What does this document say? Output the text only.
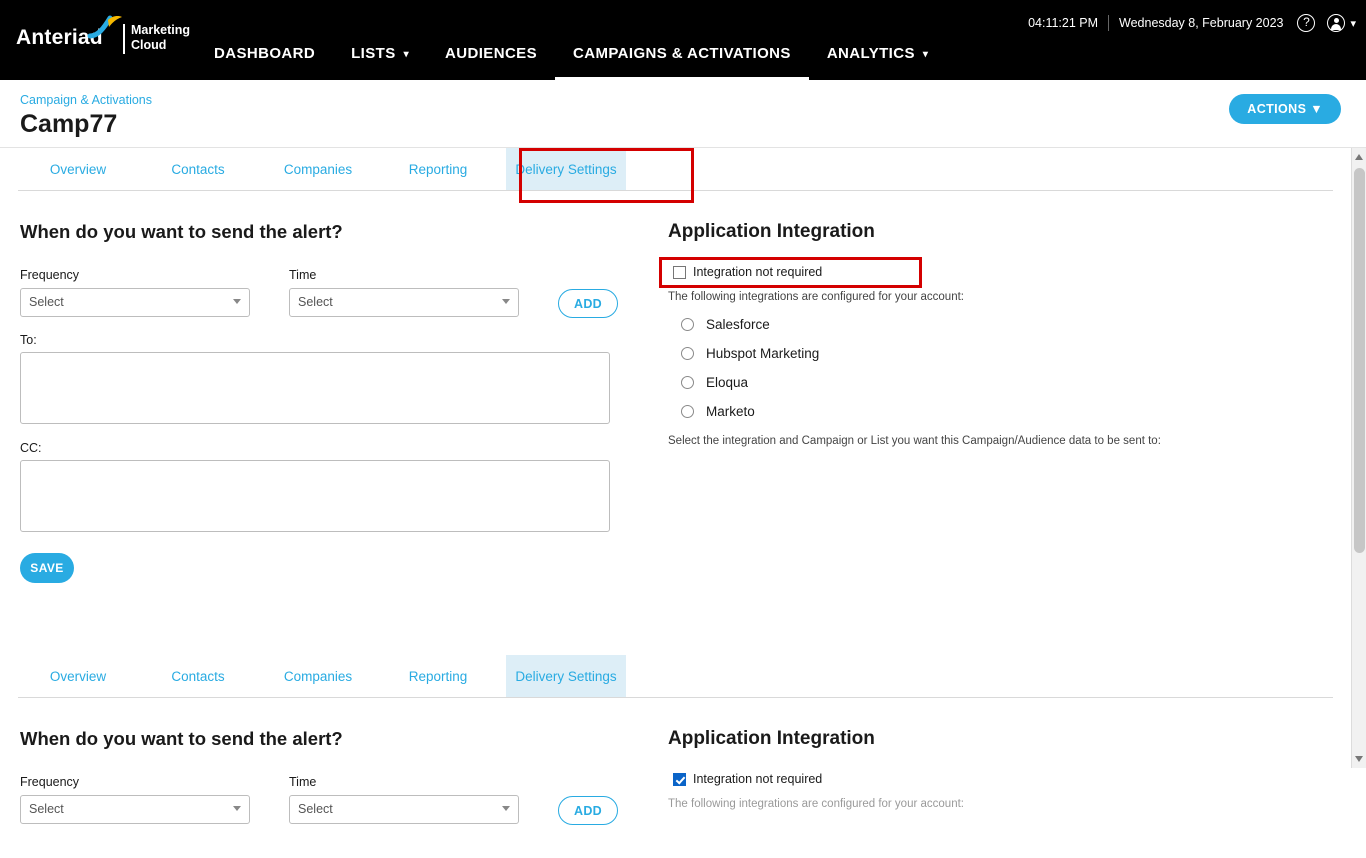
Anteriad Marketing
Cloud	DASHBOARD LISTS ▾ AUDIENCES CAMPAIGNS & ACTIVATIONS ANALYTICS ▾
04:11:21 PM	Wednesday 8, February 2023	?	▾
Campaign & Activations
Camp77
ACTIONS ▼
Overview	Contacts	Companies	Reporting	Delivery Settings
When do you want to send the alert?
Frequency
Select
Time
Select	ADD
To:
CC:
SAVE
Application Integration
Integration not required
The following integrations are configured for your account:
Salesforce
Hubspot Marketing
Eloqua
Marketo
Select the integration and Campaign or List you want this Campaign/Audience data to be sent to:
Overview	Contacts	Companies	Reporting	Delivery Settings
When do you want to send the alert?
Frequency
Select
Time
Select	ADD
Application Integration
Integration not required
The following integrations are configured for your account:
